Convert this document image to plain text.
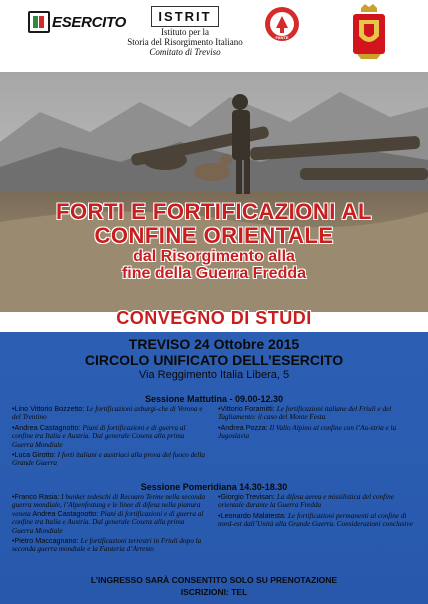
ESERCITO	ISTRIT
Istituto per la
Storia del Risorgimento Italiano
Comitato di Treviso
FANTE
FORTI E FORTIFICAZIONI AL
CONFINE ORIENTALE
dal Risorgimento alla
fine della Guerra Fredda
CONVEGNO DI STUDI
TREVISO 24 Ottobre 2015
CIRCOLO UNIFICATO DELL’ESERCITO
Via Reggimento Italia Libera, 5
Sessione Mattutina - 09.00-12.30
•Lino Vittorio Bozzetto: Le fortificazioni asburgi-che di Verona e del Trentino
•Andrea Castagnotto: Piani di fortificazioni e di guerra al confine tra Italia e Austria. Dal generale Cosenz alla prima Guerra Mondiale
•Luca Girotto: I forti italiani e austriaci alla prova del fuoco della Grande Guerra
•Vittorio Foramitti: Le fortificazioni italiane del Friuli e del Tagliamento: il caso del Monte Festa
•Andrea Pozza: Il Vallo Alpino al confine con l’Au-stria e la Jugoslavia
Sessione Pomeridiana 14.30-18.30
•Franco Rasia: I bunker tedeschi di Recoaro Terme nella seconda guerra mondiale, l’Alpenfestung e le linee di difesa nella pianura veneta Andrea Castagnotto: Piani di fortificazioni e di guerra al confine tra Italia e Austria. Dal generale Cosenz alla prima Guerra Mondiale
•Pietro Maccagnano: Le fortificazioni terrestri in Friuli dopo la seconda guerra mondiale e la Fanteria d’Arresto
•Giorgio Trevisan: La difesa aerea e missilistica del confine orientale durante la Guerra Fredda
•Leonardo Malatesta: Le fortificazioni permanenti al confine di nord-est dall’Unità alla Grande Guerra. Considerazioni conclusive
L’INGRESSO SARÀ CONSENTITO SOLO SU PRENOTAZIONE
ISCRIZIONI: TEL
